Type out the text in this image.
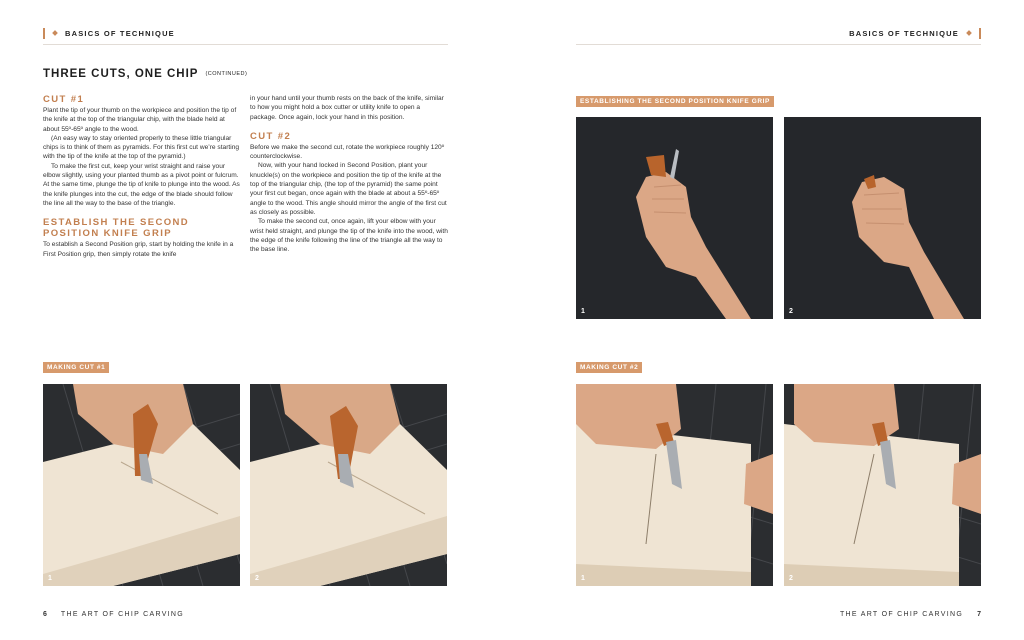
BASICS OF TECHNIQUE
THREE CUTS, ONE CHIP (CONTINUED)
CUT #1

Plant the tip of your thumb on the workpiece and position the tip of the knife at the top of the triangular chip, with the blade held at about 55º-65º angle to the wood.

(An easy way to stay oriented properly to these little triangular chips is to think of them as pyramids. For this first cut we’re starting with the tip of the knife at the top of the pyramid.)

To make the first cut, keep your wrist straight and raise your elbow slightly, using your planted thumb as a pivot point or fulcrum. At the same time, plunge the tip of knife to plunge into the wood. As the knife plunges into the cut, the edge of the blade should follow the line all the way to the base of the triangle.

ESTABLISH THE SECOND POSITION KNIFE GRIP

To establish a Second Position grip, start by holding the knife in a First Position grip, then simply rotate the knife

in your hand until your thumb rests on the back of the knife, similar to how you might hold a box cutter or utility knife to open a package. Once again, lock your hand in this position.

CUT #2

Before we make the second cut, rotate the workpiece roughly 120º counterclockwise.

Now, with your hand locked in Second Position, plant your knuckle(s) on the workpiece and position the tip of the knife at the top of the triangular chip, (the top of the pyramid) the same point your first cut began, once again with the blade at about a 55º-65º angle to the wood. This angle should mirror the angle of the first cut as closely as possible.

To make the second cut, once again, lift your elbow with your wrist held straight, and plunge the tip of the knife into the wood, with the edge of the knife following the line of the triangle all the way to the base line.

MAKING CUT #1
1	2
6 THE ART OF CHIP CARVING
BASICS OF TECHNIQUE
ESTABLISHING THE SECOND POSITION KNIFE GRIP
1	2
MAKING CUT #2
1	2
THE ART OF CHIP CARVING 7
